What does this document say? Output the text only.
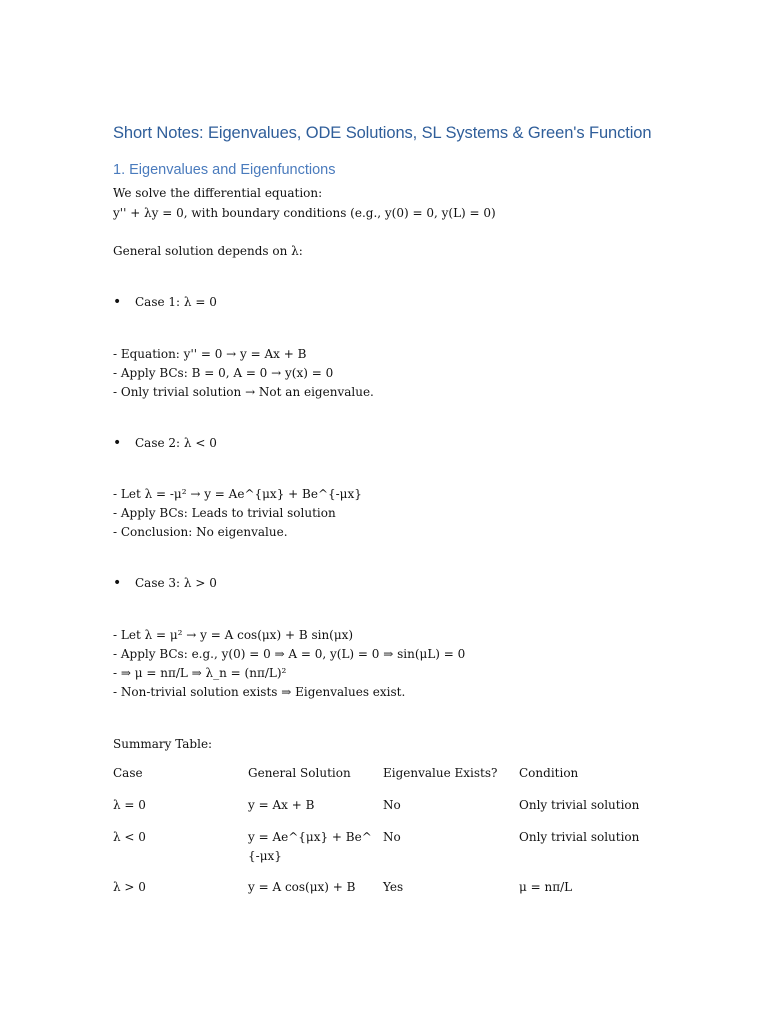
Short Notes: Eigenvalues, ODE Solutions, SL Systems & Green's Function
1. Eigenvalues and Eigenfunctions
We solve the differential equation:
y'' + λy = 0, with boundary conditions (e.g., y(0) = 0, y(L) = 0)
General solution depends on λ:
• Case 1: λ = 0
- Equation: y'' = 0 → y = Ax + B
- Apply BCs: B = 0, A = 0 → y(x) = 0
- Only trivial solution → Not an eigenvalue.
• Case 2: λ < 0
- Let λ = -μ² → y = Ae^{μx} + Be^{-μx}
- Apply BCs: Leads to trivial solution
- Conclusion: No eigenvalue.
• Case 3: λ > 0
- Let λ = μ² → y = A cos(μx) + B sin(μx)
- Apply BCs: e.g., y(0) = 0 ⇒ A = 0, y(L) = 0 ⇒ sin(μL) = 0
- ⇒ μ = nπ/L ⇒ λ_n = (nπ/L)²
- Non-trivial solution exists ⇒ Eigenvalues exist.
Summary Table:
Case	General Solution	Eigenvalue Exists?	Condition
λ = 0	y = Ax + B	No	Only trivial solution
λ < 0	y = Ae^{μx} + Be^{-μx}	No	Only trivial solution
λ > 0	y = A cos(μx) + B	Yes	μ = nπ/L
